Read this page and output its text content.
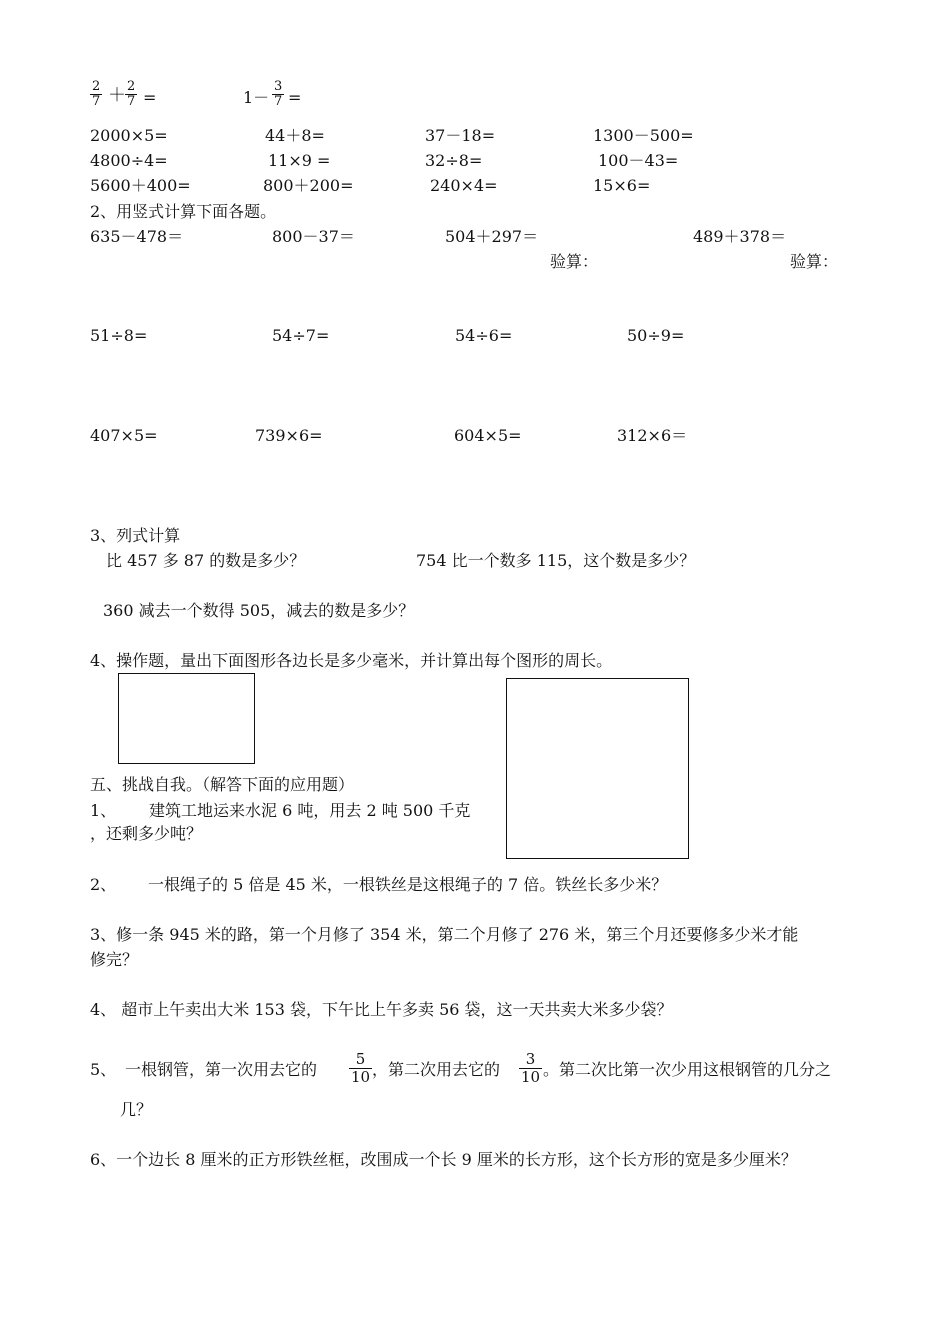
$\frac{2}{7} + \frac{2}{7}$ =	$1- \frac{3}{7}$ =
2000×5=	44＋8=	37－18=	1300－500=
4800÷4=	11×9 =	32÷8=	100－43=
5600＋400=	800＋200=	240×4=	15×6=
2、用竖式计算下面各题。
635－478＝	800－37＝	504＋297＝	489＋378＝
验算：	验算：
51÷8=	54÷7=	54÷6=	50÷9=
407×5=	739×6=	604×5=	312×6＝
3、列式计算
比 457 多 87 的数是多少？	754 比一个数多 115，这个数是多少？
360 减去一个数得 505，减去的数是多少？
4、操作题，量出下面图形各边长是多少毫米，并计算出每个图形的周长。
五、挑战自我。（解答下面的应用题）
1、 建筑工地运来水泥 6 吨，用去 2 吨 500 千克
，还剩多少吨？
2、 一根绳子的 5 倍是 45 米，一根铁丝是这根绳子的 7 倍。铁丝长多少米？
3、修一条 945 米的路，第一个月修了 354 米，第二个月修了 276 米，第三个月还要修多少米才能
修完？
4、 超市上午卖出大米 153 袋，下午比上午多卖 56 袋，这一天共卖大米多少袋？
5、 一根钢管，第一次用去它的 $\frac{5}{10}$ ，第二次用去它的 $\frac{3}{10}$ 。第二次比第一次少用这根钢管的几分之
几？
6、一个边长 8 厘米的正方形铁丝框，改围成一个长 9 厘米的长方形，这个长方形的宽是多少厘米？
